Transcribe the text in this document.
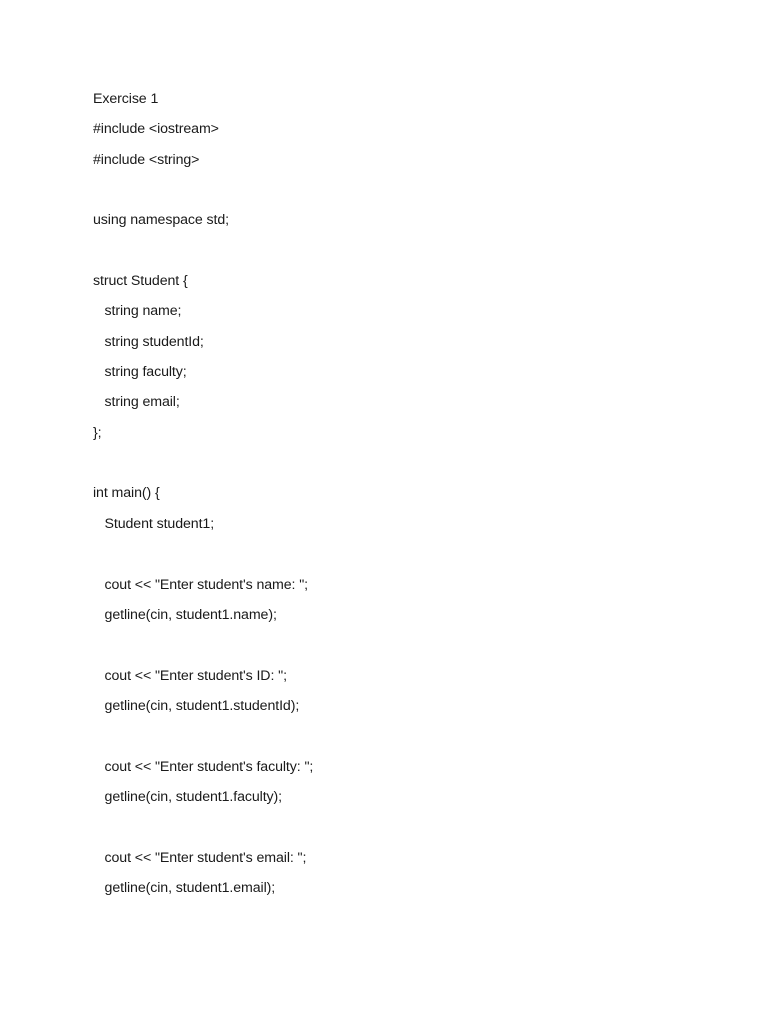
Exercise 1
#include <iostream>
#include <string>
using namespace std;
struct Student {
string name;
string studentId;
string faculty;
string email;
};
int main() {
Student student1;
cout << "Enter student's name: ";
getline(cin, student1.name);
cout << "Enter student's ID: ";
getline(cin, student1.studentId);
cout << "Enter student's faculty: ";
getline(cin, student1.faculty);
cout << "Enter student's email: ";
getline(cin, student1.email);
